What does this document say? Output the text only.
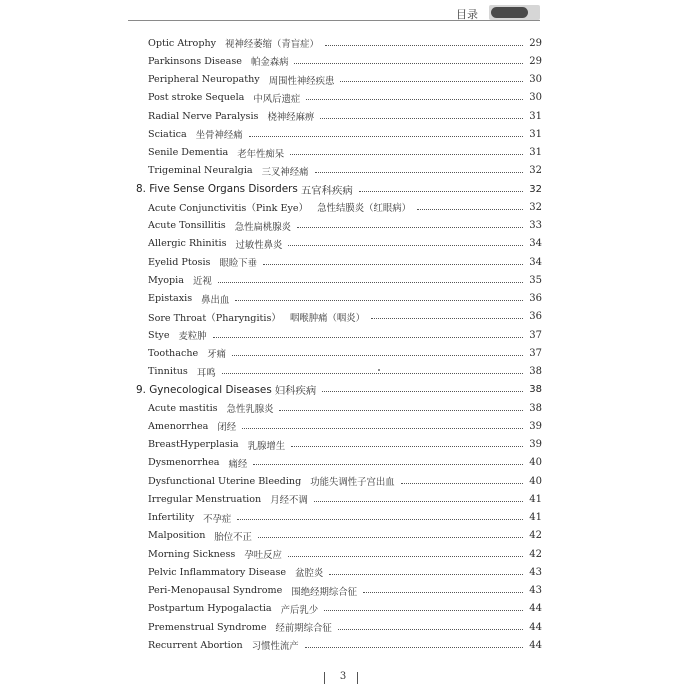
目录
Optic Atrophy 视神经萎缩（青盲症）	29
Parkinsons Disease 帕金森病	29
Peripheral Neuropathy 周围性神经疾患	30
Post stroke Sequela 中风后遗症	30
Radial Nerve Paralysis 桡神经麻痹	31
Sciatica 坐骨神经痛	31
Senile Dementia 老年性痴呆	31
Trigeminal Neuralgia 三叉神经痛	32
8. Five Sense Organs Disorders 五官科疾病	32
Acute Conjunctivitis（Pink Eye） 急性结膜炎（红眼病）	32
Acute Tonsillitis 急性扁桃腺炎	33
Allergic Rhinitis 过敏性鼻炎	34
Eyelid Ptosis 眼睑下垂	34
Myopia 近视	35
Epistaxis 鼻出血	36
Sore Throat（Pharyngitis） 咽喉肿痛（咽炎）	36
Stye 麦粒肿	37
Toothache 牙痛	37
Tinnitus 耳鸣	38
9. Gynecological Diseases 妇科疾病	38
Acute mastitis 急性乳腺炎	38
Amenorrhea 闭经	39
BreastHyperplasia 乳腺增生	39
Dysmenorrhea 痛经	40
Dysfunctional Uterine Bleeding 功能失调性子宫出血	40
Irregular Menstruation 月经不调	41
Infertility 不孕症	41
Malposition 胎位不正	42
Morning Sickness 孕吐反应	42
Pelvic Inflammatory Disease 盆腔炎	43
Peri-Menopausal Syndrome 围绝经期综合征	43
Postpartum Hypogalactia 产后乳少	44
Premenstrual Syndrome 经前期综合征	44
Recurrent Abortion 习惯性流产	44
3
